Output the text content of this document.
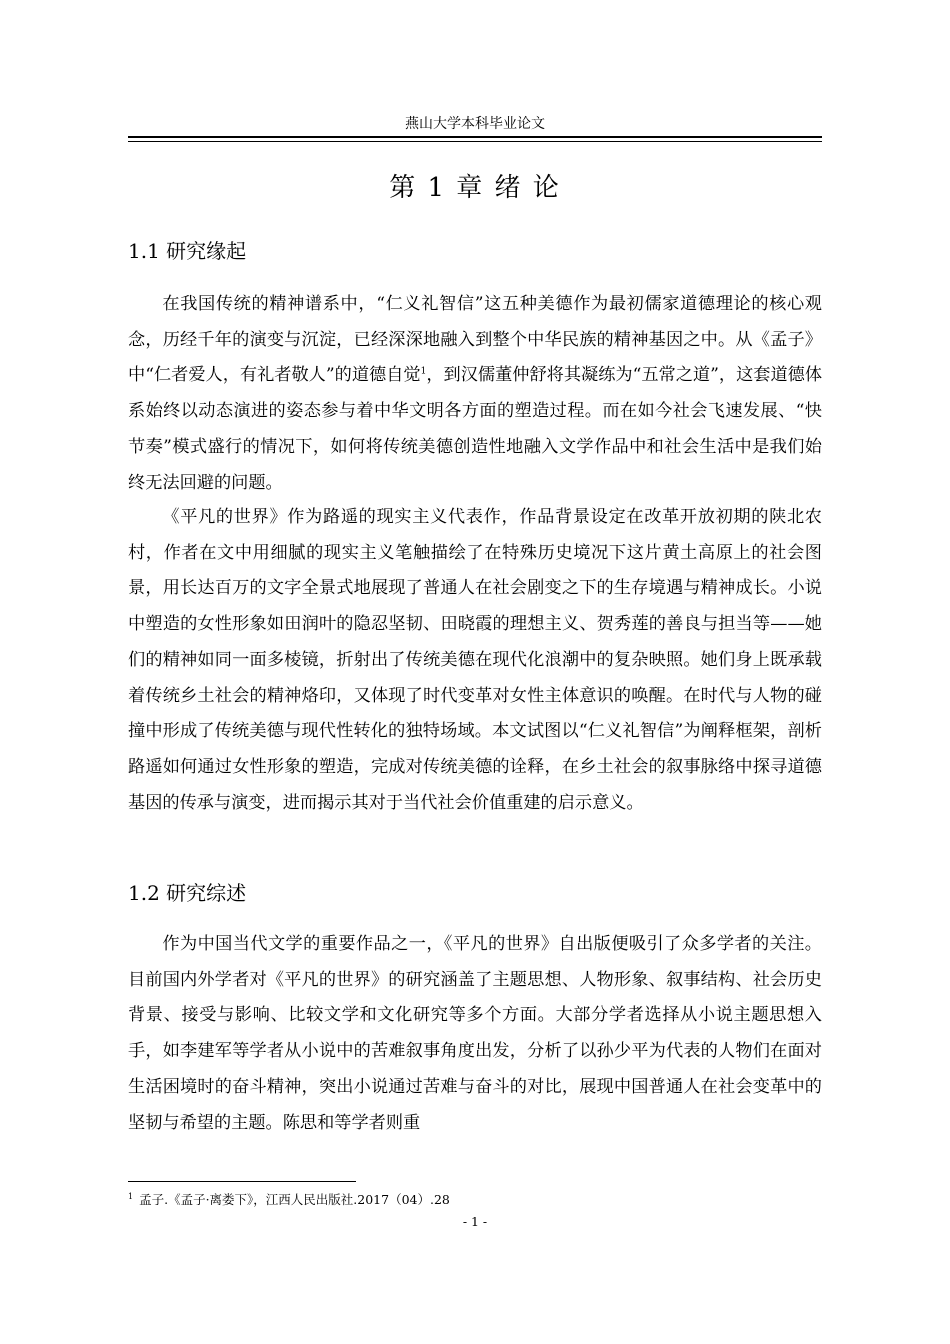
燕山大学本科毕业论文
第 1 章 绪 论
1.1 研究缘起

在我国传统的精神谱系中，“仁义礼智信”这五种美德作为最初儒家道德理论的核心观念，历经千年的演变与沉淀，已经深深地融入到整个中华民族的精神基因之中。从《孟子》中“仁者爱人，有礼者敬人”的道德自觉$^1$，到汉儒董仲舒将其凝练为“五常之道”，这套道德体系始终以动态演进的姿态参与着中华文明各方面的塑造过程。而在如今社会飞速发展、“快节奏”模式盛行的情况下，如何将传统美德创造性地融入文学作品中和社会生活中是我们始终无法回避的问题。

《平凡的世界》作为路遥的现实主义代表作，作品背景设定在改革开放初期的陕北农村，作者在文中用细腻的现实主义笔触描绘了在特殊历史境况下这片黄土高原上的社会图景，用长达百万的文字全景式地展现了普通人在社会剧变之下的生存境遇与精神成长。小说中塑造的女性形象如田润叶的隐忍坚韧、田晓霞的理想主义、贺秀莲的善良与担当等——她们的精神如同一面多棱镜，折射出了传统美德在现代化浪潮中的复杂映照。她们身上既承载着传统乡土社会的精神烙印，又体现了时代变革对女性主体意识的唤醒。在时代与人物的碰撞中形成了传统美德与现代性转化的独特场域。本文试图以“仁义礼智信”为阐释框架，剖析路遥如何通过女性形象的塑造，完成对传统美德的诠释，在乡土社会的叙事脉络中探寻道德基因的传承与演变，进而揭示其对于当代社会价值重建的启示意义。

1.2 研究综述

作为中国当代文学的重要作品之一，《平凡的世界》自出版便吸引了众多学者的关注。目前国内外学者对《平凡的世界》的研究涵盖了主题思想、人物形象、叙事结构、社会历史背景、接受与影响、比较文学和文化研究等多个方面。大部分学者选择从小说主题思想入手，如李建军等学者从小说中的苦难叙事角度出发，分析了以孙少平为代表的人物们在面对生活困境时的奋斗精神，突出小说通过苦难与奋斗的对比，展现中国普通人在社会变革中的坚韧与希望的主题。陈思和等学者则重

$^1$ 孟子.《孟子·离娄下》，江西人民出版社.2017（04）.28
- 1 -
